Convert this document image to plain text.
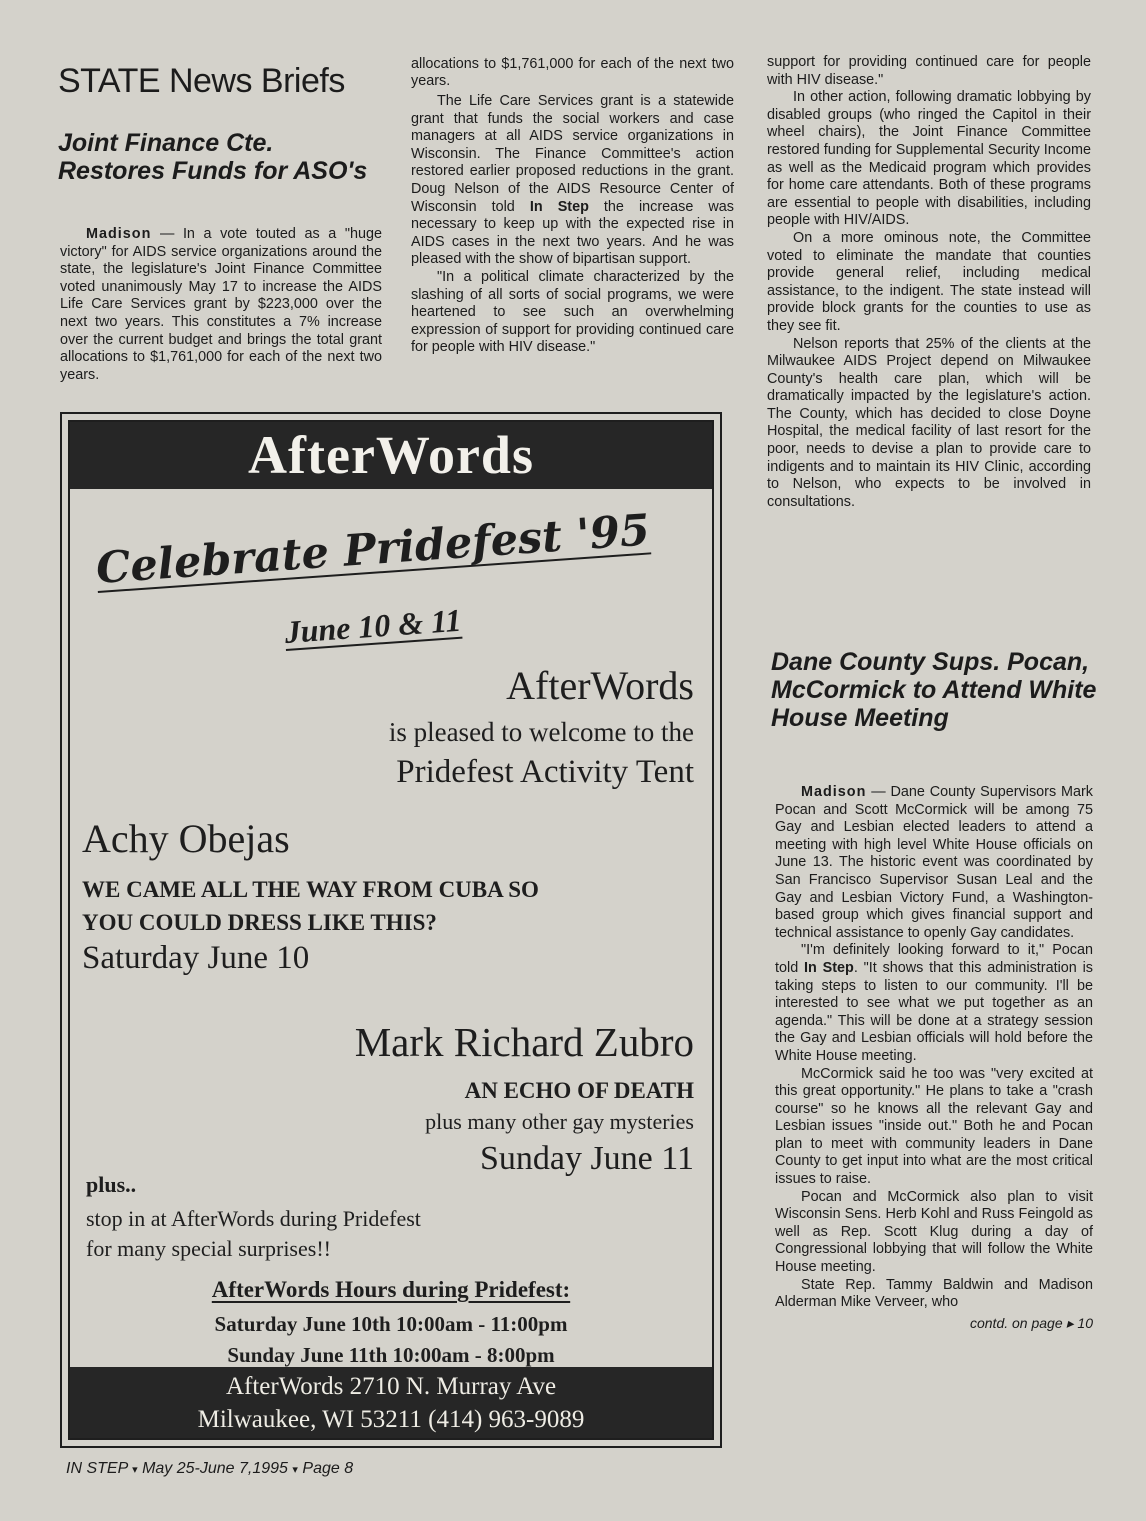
STATE News Briefs
Joint Finance Cte. Restores Funds for ASO's

Madison — In a vote touted as a "huge victory" for AIDS service organizations around the state, the legislature's Joint Finance Committee voted unanimously May 17 to increase the AIDS Life Care Services grant by $223,000 over the next two years. This constitutes a 7% increase over the current budget and brings the total grant allocations to $1,761,000 for each of the next two years.

allocations to $1,761,000 for each of the next two years.

The Life Care Services grant is a statewide grant that funds the social workers and case managers at all AIDS service organizations in Wisconsin. The Finance Committee's action restored earlier proposed reductions in the grant. Doug Nelson of the AIDS Resource Center of Wisconsin told In Step the increase was necessary to keep up with the expected rise in AIDS cases in the next two years. And he was pleased with the show of bipartisan support.

"In a political climate characterized by the slashing of all sorts of social programs, we were heartened to see such an overwhelming expression of support for providing continued care for people with HIV disease."

support for providing continued care for people with HIV disease."

In other action, following dramatic lobbying by disabled groups (who ringed the Capitol in their wheel chairs), the Joint Finance Committee restored funding for Supplemental Security Income as well as the Medicaid program which provides for home care attendants. Both of these programs are essential to people with disabilities, including people with HIV/AIDS.

On a more ominous note, the Committee voted to eliminate the mandate that counties provide general relief, including medical assistance, to the indigent. The state instead will provide block grants for the counties to use as they see fit.

Nelson reports that 25% of the clients at the Milwaukee AIDS Project depend on Milwaukee County's health care plan, which will be dramatically impacted by the legislature's action. The County, which has decided to close Doyne Hospital, the medical facility of last resort for the poor, needs to devise a plan to provide care to indigents and to maintain its HIV Clinic, according to Nelson, who expects to be involved in consultations.

Dane County Sups. Pocan, McCormick to Attend White House Meeting

Madison — Dane County Supervisors Mark Pocan and Scott McCormick will be among 75 Gay and Lesbian elected leaders to attend a meeting with high level White House officials on June 13. The historic event was coordinated by San Francisco Supervisor Susan Leal and the Gay and Lesbian Victory Fund, a Washington-based group which gives financial support and technical assistance to openly Gay candidates.

"I'm definitely looking forward to it," Pocan told In Step. "It shows that this administration is taking steps to listen to our community. I'll be interested to see what we put together as an agenda." This will be done at a strategy session the Gay and Lesbian officials will hold before the White House meeting.

McCormick said he too was "very excited at this great opportunity." He plans to take a "crash course" so he knows all the relevant Gay and Lesbian issues "inside out." Both he and Pocan plan to meet with community leaders in Dane County to get input into what are the most critical issues to raise.

Pocan and McCormick also plan to visit Wisconsin Sens. Herb Kohl and Russ Feingold as well as Rep. Scott Klug during a day of Congressional lobbying that will follow the White House meeting.

State Rep. Tammy Baldwin and Madison Alderman Mike Verveer, who

contd. on page ▸ 10
AfterWords
Celebrate Pridefest '95
June 10 & 11
AfterWords
is pleased to welcome to the
Pridefest Activity Tent
Achy Obejas
WE CAME ALL THE WAY FROM CUBA SO
YOU COULD DRESS LIKE THIS?
Saturday June 10
Mark Richard Zubro
AN ECHO OF DEATH
plus many other gay mysteries
Sunday June 11
plus..
stop in at AfterWords during Pridefest
for many special surprises!!
AfterWords Hours during Pridefest:
Saturday June 10th 10:00am - 11:00pm
Sunday June 11th 10:00am - 8:00pm
AfterWords 2710 N. Murray Ave
Milwaukee, WI 53211 (414) 963-9089
IN STEP ▾ May 25-June 7,1995 ▾ Page 8
